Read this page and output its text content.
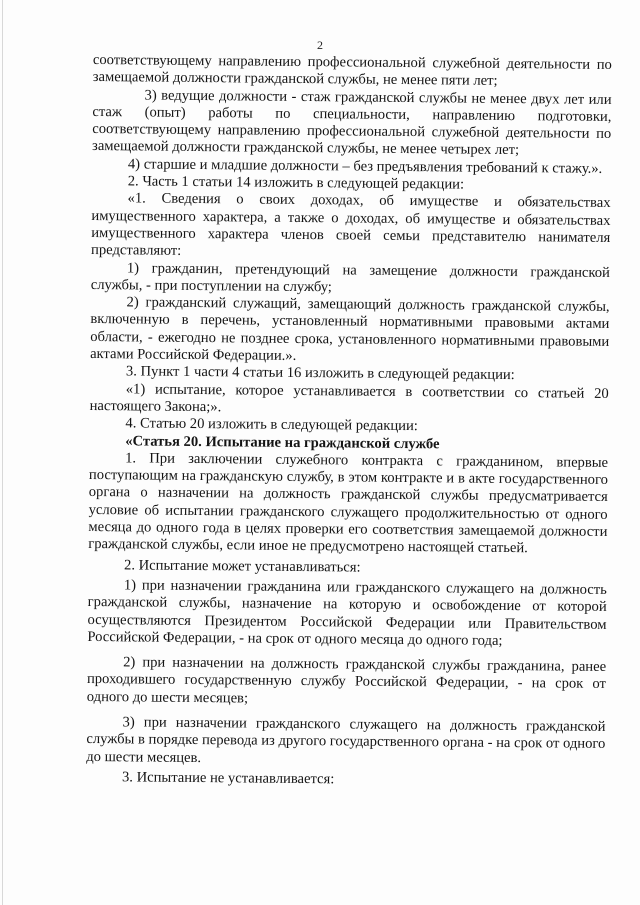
2

соответствующему направлению профессиональной служебной деятельности по замещаемой должности гражданской службы, не менее пяти лет;

3) ведущие должности - стаж гражданской службы не менее двух лет или стаж (опыт) работы по специальности, направлению подготовки, соответствующему направлению профессиональной служебной деятельности по замещаемой должности гражданской службы, не менее четырех лет;

4) старшие и младшие должности – без предъявления требований к стажу.».

2. Часть 1 статьи 14 изложить в следующей редакции:

«1. Сведения о своих доходах, об имуществе и обязательствах имущественного характера, а также о доходах, об имуществе и обязательствах имущественного характера членов своей семьи представителю нанимателя представляют:

1) гражданин, претендующий на замещение должности гражданской службы, - при поступлении на службу;

2) гражданский служащий, замещающий должность гражданской службы, включенную в перечень, установленный нормативными правовыми актами области, - ежегодно не позднее срока, установленного нормативными правовыми актами Российской Федерации.».

3. Пункт 1 части 4 статьи 16 изложить в следующей редакции:

«1) испытание, которое устанавливается в соответствии со статьей 20 настоящего Закона;».

4. Статью 20 изложить в следующей редакции:

«Статья 20. Испытание на гражданской службе

1. При заключении служебного контракта с гражданином, впервые поступающим на гражданскую службу, в этом контракте и в акте государственного органа о назначении на должность гражданской службы предусматривается условие об испытании гражданского служащего продолжительностью от одного месяца до одного года в целях проверки его соответствия замещаемой должности гражданской службы, если иное не предусмотрено настоящей статьей.

2. Испытание может устанавливаться:

1) при назначении гражданина или гражданского служащего на должность гражданской службы, назначение на которую и освобождение от которой осуществляются Президентом Российской Федерации или Правительством Российской Федерации, - на срок от одного месяца до одного года;

2) при назначении на должность гражданской службы гражданина, ранее проходившего государственную службу Российской Федерации, - на срок от одного до шести месяцев;

3) при назначении гражданского служащего на должность гражданской службы в порядке перевода из другого государственного органа - на срок от одного до шести месяцев.

3. Испытание не устанавливается:
